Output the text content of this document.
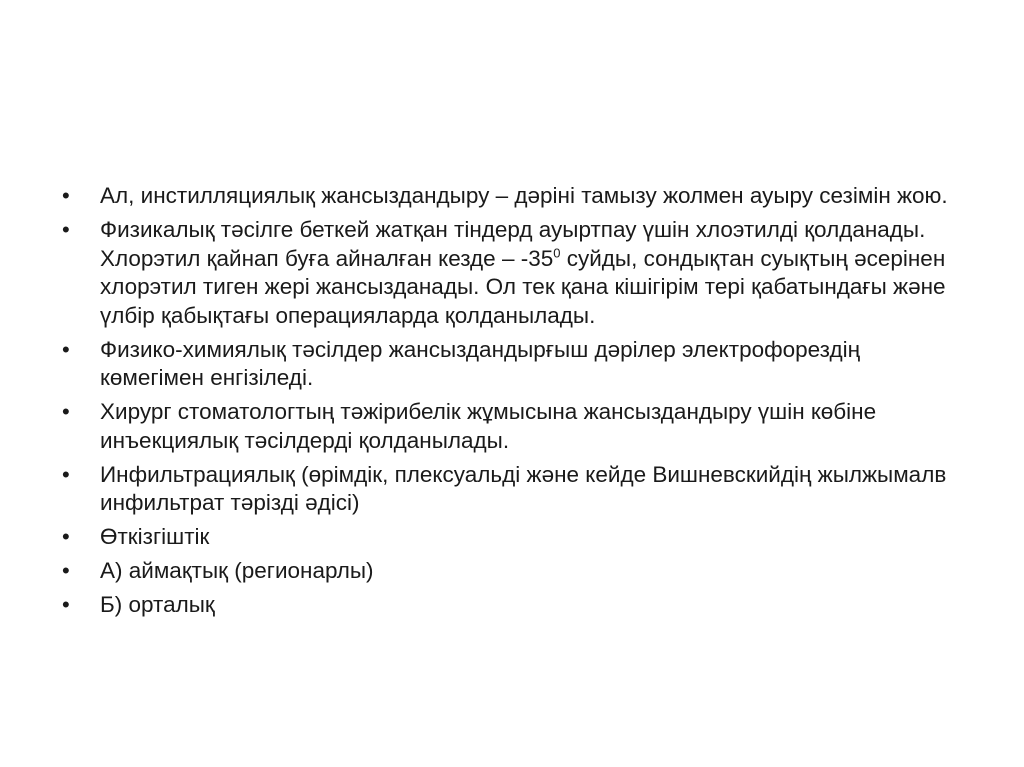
• Ал, инстилляциялық жансыздандыру – дәріні тамызу жолмен ауыру сезімін жою.
• Физикалық тәсілге беткей жатқан тіндерд ауыртпау үшін хлоэтилді қолданады. Хлорэтил қайнап буға айналған кезде – $-35^0$ суйды, сондықтан суықтың әсерінен хлорэтил тиген жері жансызданады. Ол тек қана кішігірім тері қабатындағы және үлбір қабықтағы операцияларда қолданылады.
• Физико-химиялық тәсілдер жансыздандырғыш дәрілер электрофорездің көмегімен енгізіледі.
• Хирург стоматологтың тәжірибелік жұмысына жансыздандыру үшін көбіне инъекциялық тәсілдерді қолданылады.
• Инфильтрациялық (өрімдік, плексуальді және кейде Вишневскийдің жылжымалв инфильтрат тәрізді әдісі)
• Өткізгіштік
• А) аймақтық (регионарлы)
• Б) орталық
